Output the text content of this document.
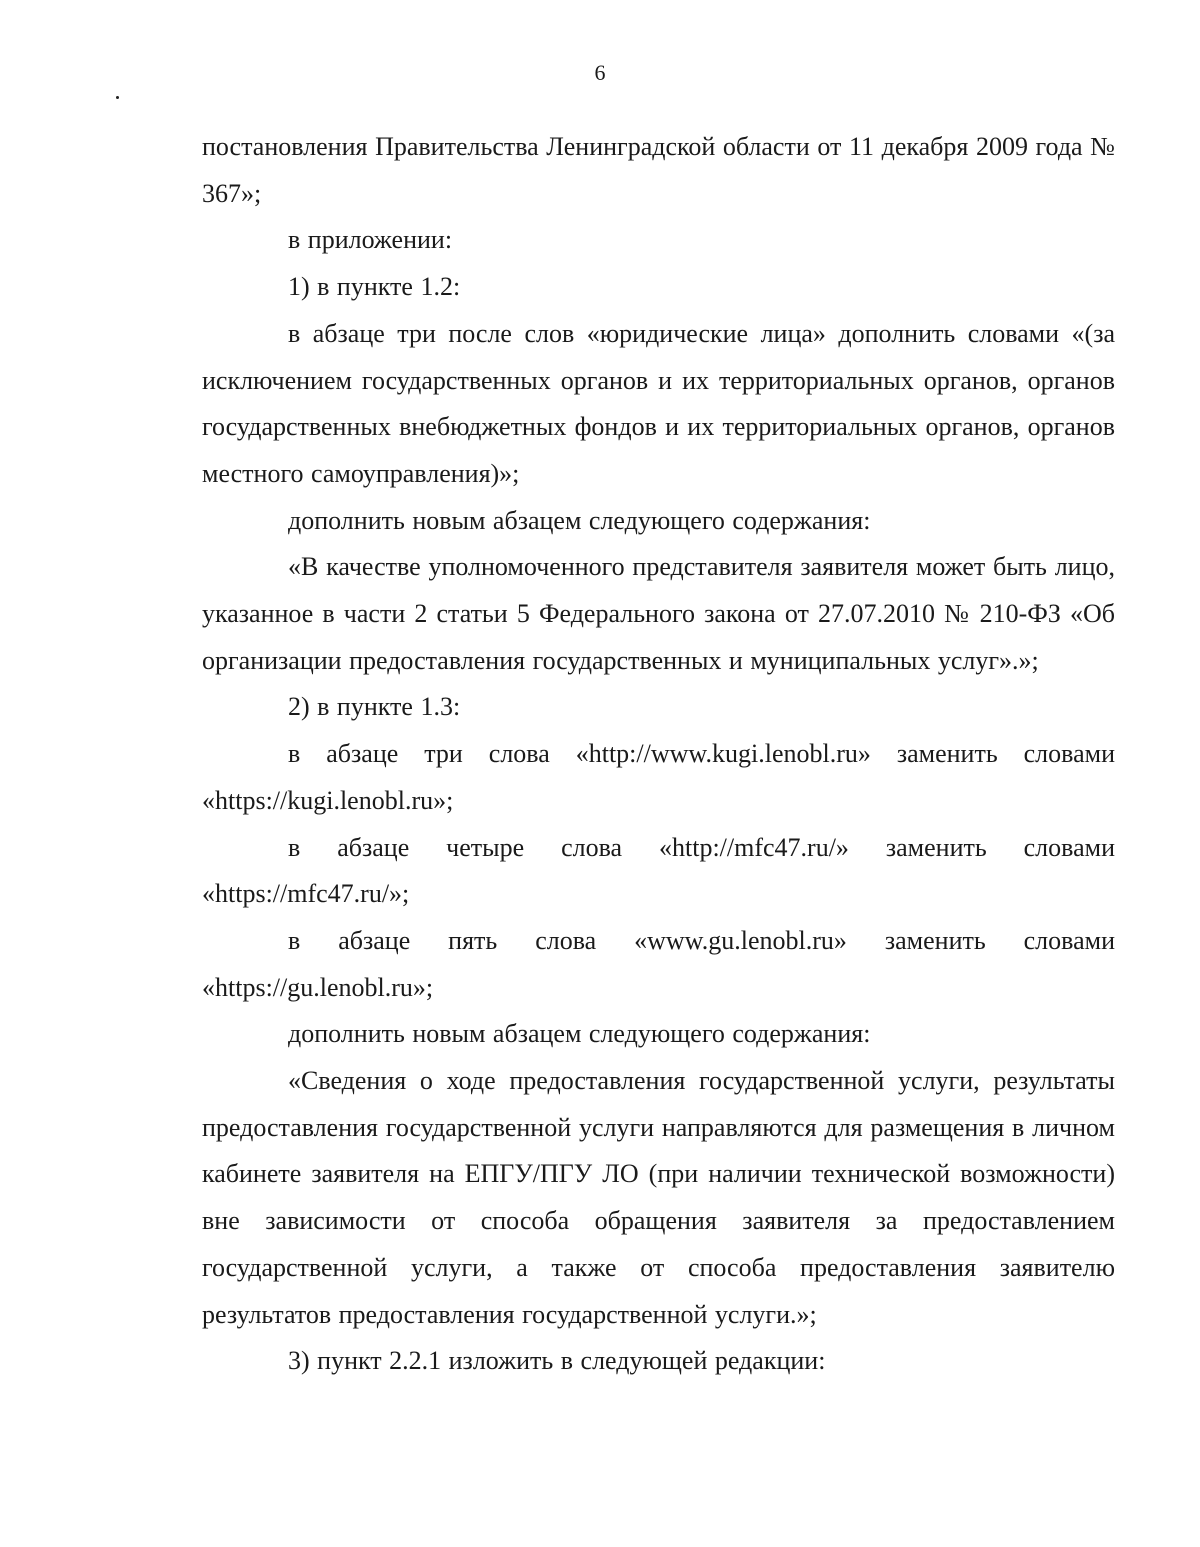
6

постановления Правительства Ленинградской области от 11 декабря 2009 года № 367»;

в приложении:

1) в пункте 1.2:

в абзаце три после слов «юридические лица» дополнить словами «(за исключением государственных органов и их территориальных органов, органов государственных внебюджетных фондов и их территориальных органов, органов местного самоуправления)»;

дополнить новым абзацем следующего содержания:

«В качестве уполномоченного представителя заявителя может быть лицо, указанное в части 2 статьи 5 Федерального закона от 27.07.2010 № 210-ФЗ «Об организации предоставления государственных и муниципальных услуг».»;

2) в пункте 1.3:

в абзаце три слова «http://www.kugi.lenobl.ru» заменить словами «https://kugi.lenobl.ru»;

в абзаце четыре слова «http://mfc47.ru/» заменить словами «https://mfc47.ru/»;

в абзаце пять слова «www.gu.lenobl.ru» заменить словами «https://gu.lenobl.ru»;

дополнить новым абзацем следующего содержания:

«Сведения о ходе предоставления государственной услуги, результаты предоставления государственной услуги направляются для размещения в личном кабинете заявителя на ЕПГУ/ПГУ ЛО (при наличии технической возможности) вне зависимости от способа обращения заявителя за предоставлением государственной услуги, а также от способа предоставления заявителю результатов предоставления государственной услуги.»;

3) пункт 2.2.1 изложить в следующей редакции:
